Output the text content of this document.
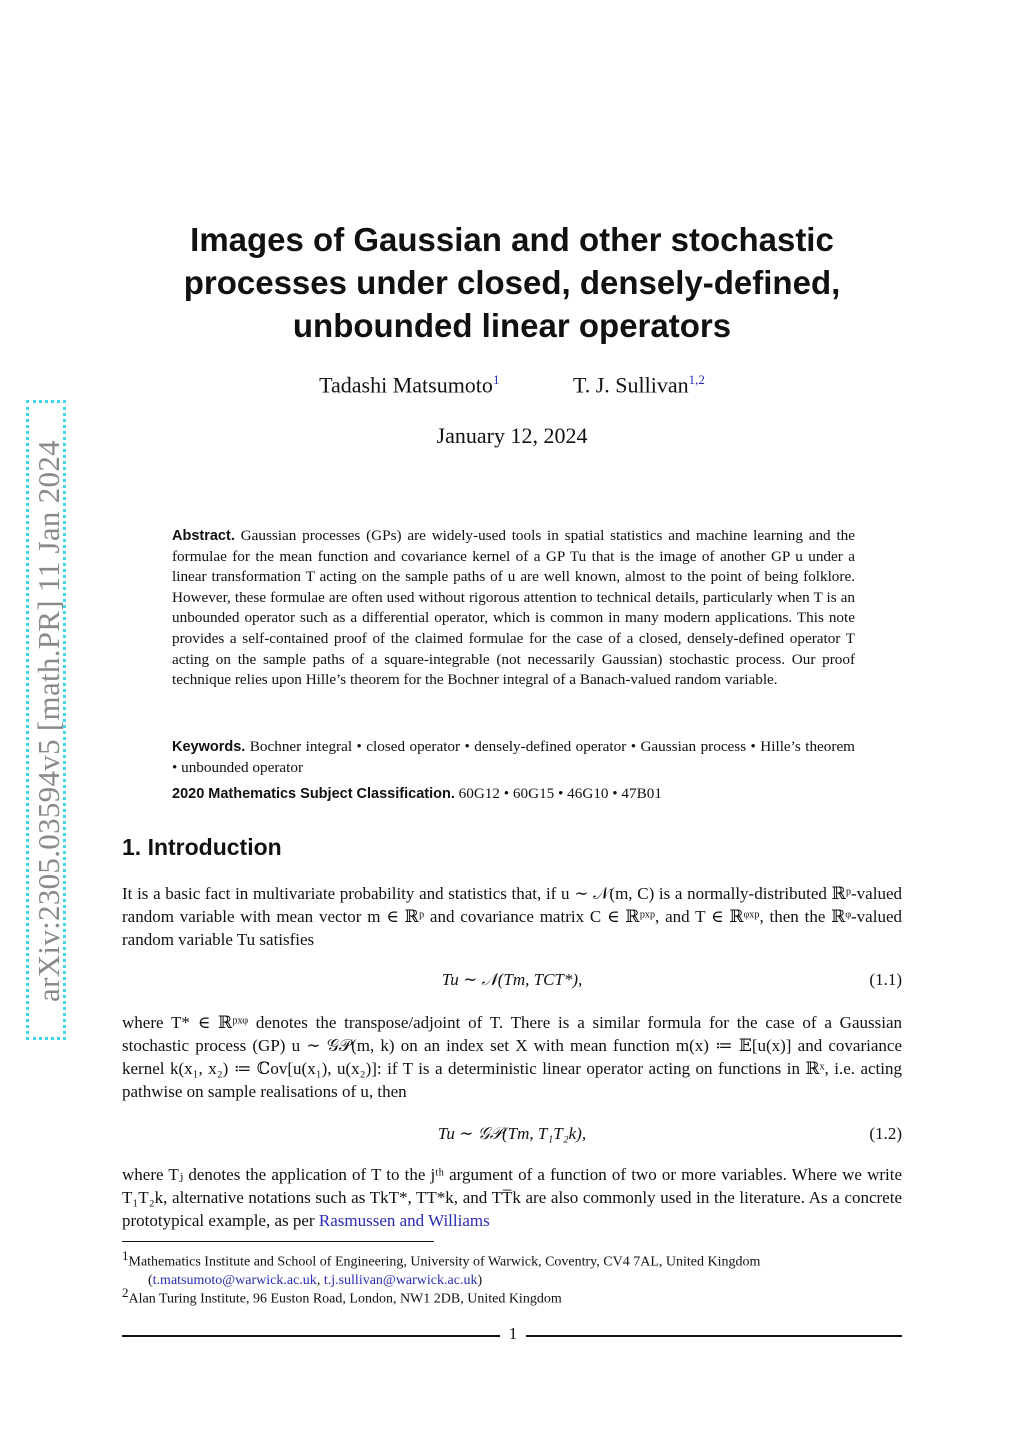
arXiv:2305.03594v5 [math.PR] 11 Jan 2024
Images of Gaussian and other stochastic processes under closed, densely-defined, unbounded linear operators
Tadashi Matsumoto$^1$	T. J. Sullivan$^{1,2}$
January 12, 2024
Abstract. Gaussian processes (GPs) are widely-used tools in spatial statistics and machine learning and the formulae for the mean function and covariance kernel of a GP Tu that is the image of another GP u under a linear transformation T acting on the sample paths of u are well known, almost to the point of being folklore. However, these formulae are often used without rigorous attention to technical details, particularly when T is an unbounded operator such as a differential operator, which is common in many modern applications. This note provides a self-contained proof of the claimed formulae for the case of a closed, densely-defined operator T acting on the sample paths of a square-integrable (not necessarily Gaussian) stochastic process. Our proof technique relies upon Hille’s theorem for the Bochner integral of a Banach-valued random variable.
Keywords. Bochner integral • closed operator • densely-defined operator • Gaussian process • Hille’s theorem • unbounded operator
2020 Mathematics Subject Classification. 60G12 • 60G15 • 46G10 • 47B01
1. Introduction
It is a basic fact in multivariate probability and statistics that, if u ∼ 𝒩(m, C) is a normally-distributed ℝᵖ-valued random variable with mean vector m ∈ ℝᵖ and covariance matrix C ∈ ℝᵖˣᵖ, and T ∈ ℝᵠˣᵖ, then the ℝᵠ-valued random variable Tu satisfies
Tu ∼ 𝒩(Tm, TCT*),	(1.1)
where T* ∈ ℝᵖˣᵠ denotes the transpose/adjoint of T. There is a similar formula for the case of a Gaussian stochastic process (GP) u ∼ 𝒢𝒫(m, k) on an index set X with mean function m(x) ≔ 𝔼[u(x)] and covariance kernel k(x₁, x₂) ≔ ℂov[u(x₁), u(x₂)]: if T is a deterministic linear operator acting on functions in ℝˣ, i.e. acting pathwise on sample realisations of u, then
Tu ∼ 𝒢𝒫(Tm, T₁T₂k),	(1.2)
where Tⱼ denotes the application of T to the jᵗʰ argument of a function of two or more variables. Where we write T₁T₂k, alternative notations such as TkT*, TT*k, and TT̅k are also commonly used in the literature. As a concrete prototypical example, as per Rasmussen and Williams
$^1$Mathematics Institute and School of Engineering, University of Warwick, Coventry, CV4 7AL, United Kingdom
(t.matsumoto@warwick.ac.uk, t.j.sullivan@warwick.ac.uk)
$^2$Alan Turing Institute, 96 Euston Road, London, NW1 2DB, United Kingdom
1
